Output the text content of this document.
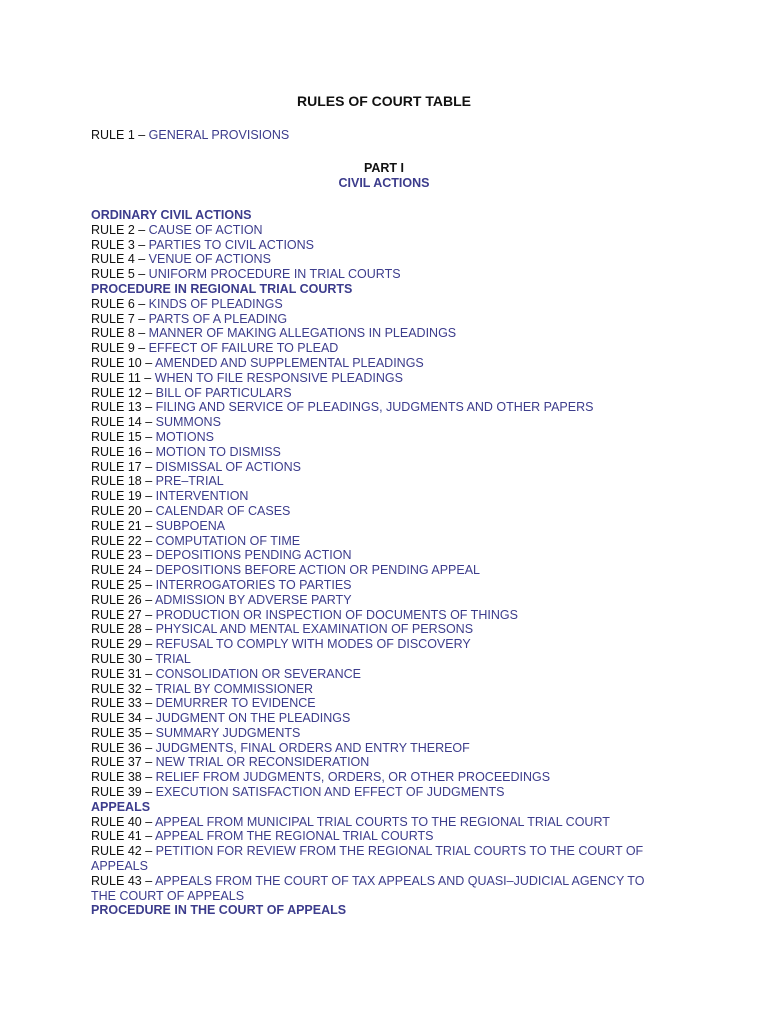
RULES OF COURT TABLE
RULE 1 – GENERAL PROVISIONS
PART I
CIVIL ACTIONS
ORDINARY CIVIL ACTIONS
RULE 2 – CAUSE OF ACTION
RULE 3 – PARTIES TO CIVIL ACTIONS
RULE 4 – VENUE OF ACTIONS
RULE 5 – UNIFORM PROCEDURE IN TRIAL COURTS
PROCEDURE IN REGIONAL TRIAL COURTS
RULE 6 – KINDS OF PLEADINGS
RULE 7 – PARTS OF A PLEADING
RULE 8 – MANNER OF MAKING ALLEGATIONS IN PLEADINGS
RULE 9 – EFFECT OF FAILURE TO PLEAD
RULE 10 – AMENDED AND SUPPLEMENTAL PLEADINGS
RULE 11 – WHEN TO FILE RESPONSIVE PLEADINGS
RULE 12 – BILL OF PARTICULARS
RULE 13 – FILING AND SERVICE OF PLEADINGS, JUDGMENTS AND OTHER PAPERS
RULE 14 – SUMMONS
RULE 15 – MOTIONS
RULE 16 – MOTION TO DISMISS
RULE 17 – DISMISSAL OF ACTIONS
RULE 18 – PRE–TRIAL
RULE 19 – INTERVENTION
RULE 20 – CALENDAR OF CASES
RULE 21 – SUBPOENA
RULE 22 – COMPUTATION OF TIME
RULE 23 – DEPOSITIONS PENDING ACTION
RULE 24 – DEPOSITIONS BEFORE ACTION OR PENDING APPEAL
RULE 25 – INTERROGATORIES TO PARTIES
RULE 26 – ADMISSION BY ADVERSE PARTY
RULE 27 – PRODUCTION OR INSPECTION OF DOCUMENTS OF THINGS
RULE 28 – PHYSICAL AND MENTAL EXAMINATION OF PERSONS
RULE 29 – REFUSAL TO COMPLY WITH MODES OF DISCOVERY
RULE 30 – TRIAL
RULE 31 – CONSOLIDATION OR SEVERANCE
RULE 32 – TRIAL BY COMMISSIONER
RULE 33 – DEMURRER TO EVIDENCE
RULE 34 – JUDGMENT ON THE PLEADINGS
RULE 35 – SUMMARY JUDGMENTS
RULE 36 – JUDGMENTS, FINAL ORDERS AND ENTRY THEREOF
RULE 37 – NEW TRIAL OR RECONSIDERATION
RULE 38 – RELIEF FROM JUDGMENTS, ORDERS, OR OTHER PROCEEDINGS
RULE 39 – EXECUTION SATISFACTION AND EFFECT OF JUDGMENTS
APPEALS
RULE 40 – APPEAL FROM MUNICIPAL TRIAL COURTS TO THE REGIONAL TRIAL COURT
RULE 41 – APPEAL FROM THE REGIONAL TRIAL COURTS
RULE 42 – PETITION FOR REVIEW FROM THE REGIONAL TRIAL COURTS TO THE COURT OF APPEALS
RULE 43 – APPEALS FROM THE COURT OF TAX APPEALS AND QUASI–JUDICIAL AGENCY TO THE COURT OF APPEALS
PROCEDURE IN THE COURT OF APPEALS
